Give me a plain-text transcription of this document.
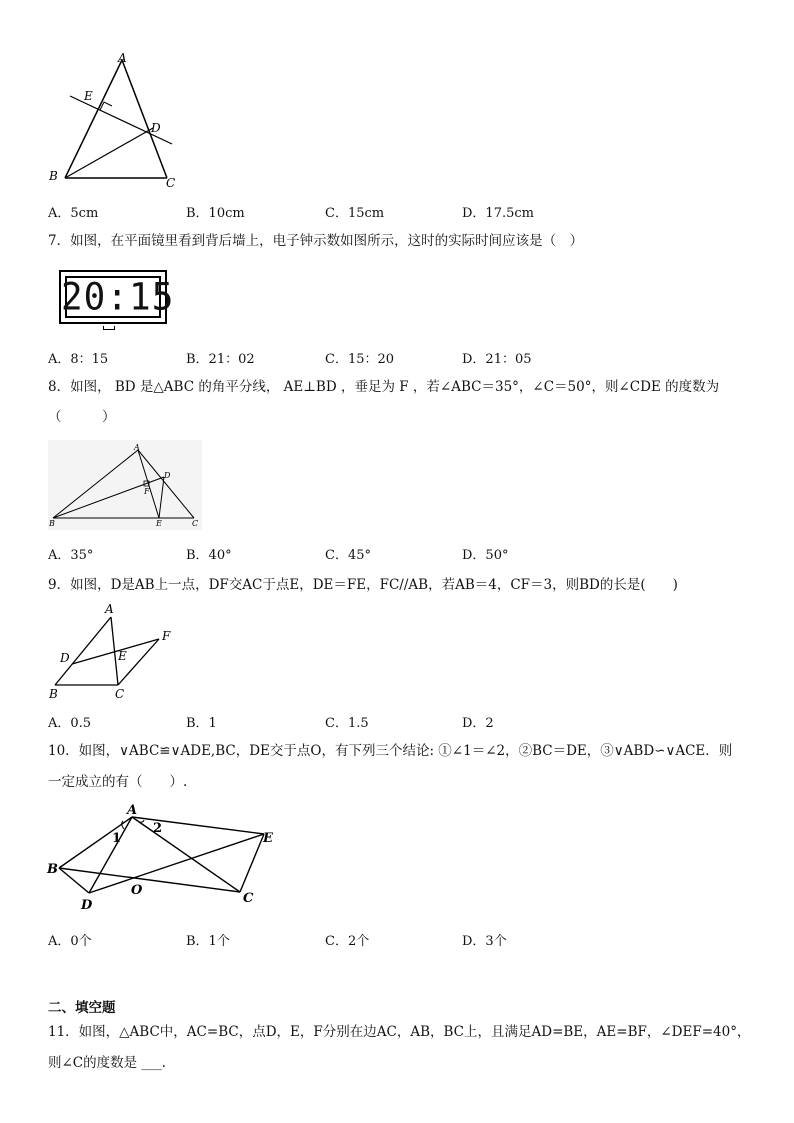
A
E
D
B	C
A．5cm	B．10cm	C．15cm	D．17.5cm
7．如图，在平面镜里看到背后墙上，电子钟示数如图所示，这时的实际时间应该是（　）
20:15
A．8：15	B．21：02	C．15：20	D．21：05
8．如图， BD 是△ABC 的角平分线， AE⊥BD ，垂足为 F ，若∠ABC＝35°，∠C＝50°，则∠CDE 的度数为
（　　　）
A
D
F
B	E	C
A．35°	B．40°	C．45°	D．50°
9．如图，D是AB上一点，DF交AC于点E，DE＝FE，FC//AB，若AB＝4，CF＝3，则BD的长是(　　)
A
D	E
F
B	C
A．0.5	B．1	C．1.5	D．2
10．如图，∨ABC≌∨ADE,BC，DE交于点O，有下列三个结论: ①∠1＝∠2，②BC＝DE，③∨ABD∽∨ACE．则
一定成立的有（　　）.
A
1
2
E
B
O
D	C
A．0个	B．1个	C．2个	D．3个
二、填空题
11．如图，△ABC中，AC=BC，点D，E，F分别在边AC，AB，BC上，且满足AD=BE，AE=BF，∠DEF=40°，
则∠C的度数是 ___.
